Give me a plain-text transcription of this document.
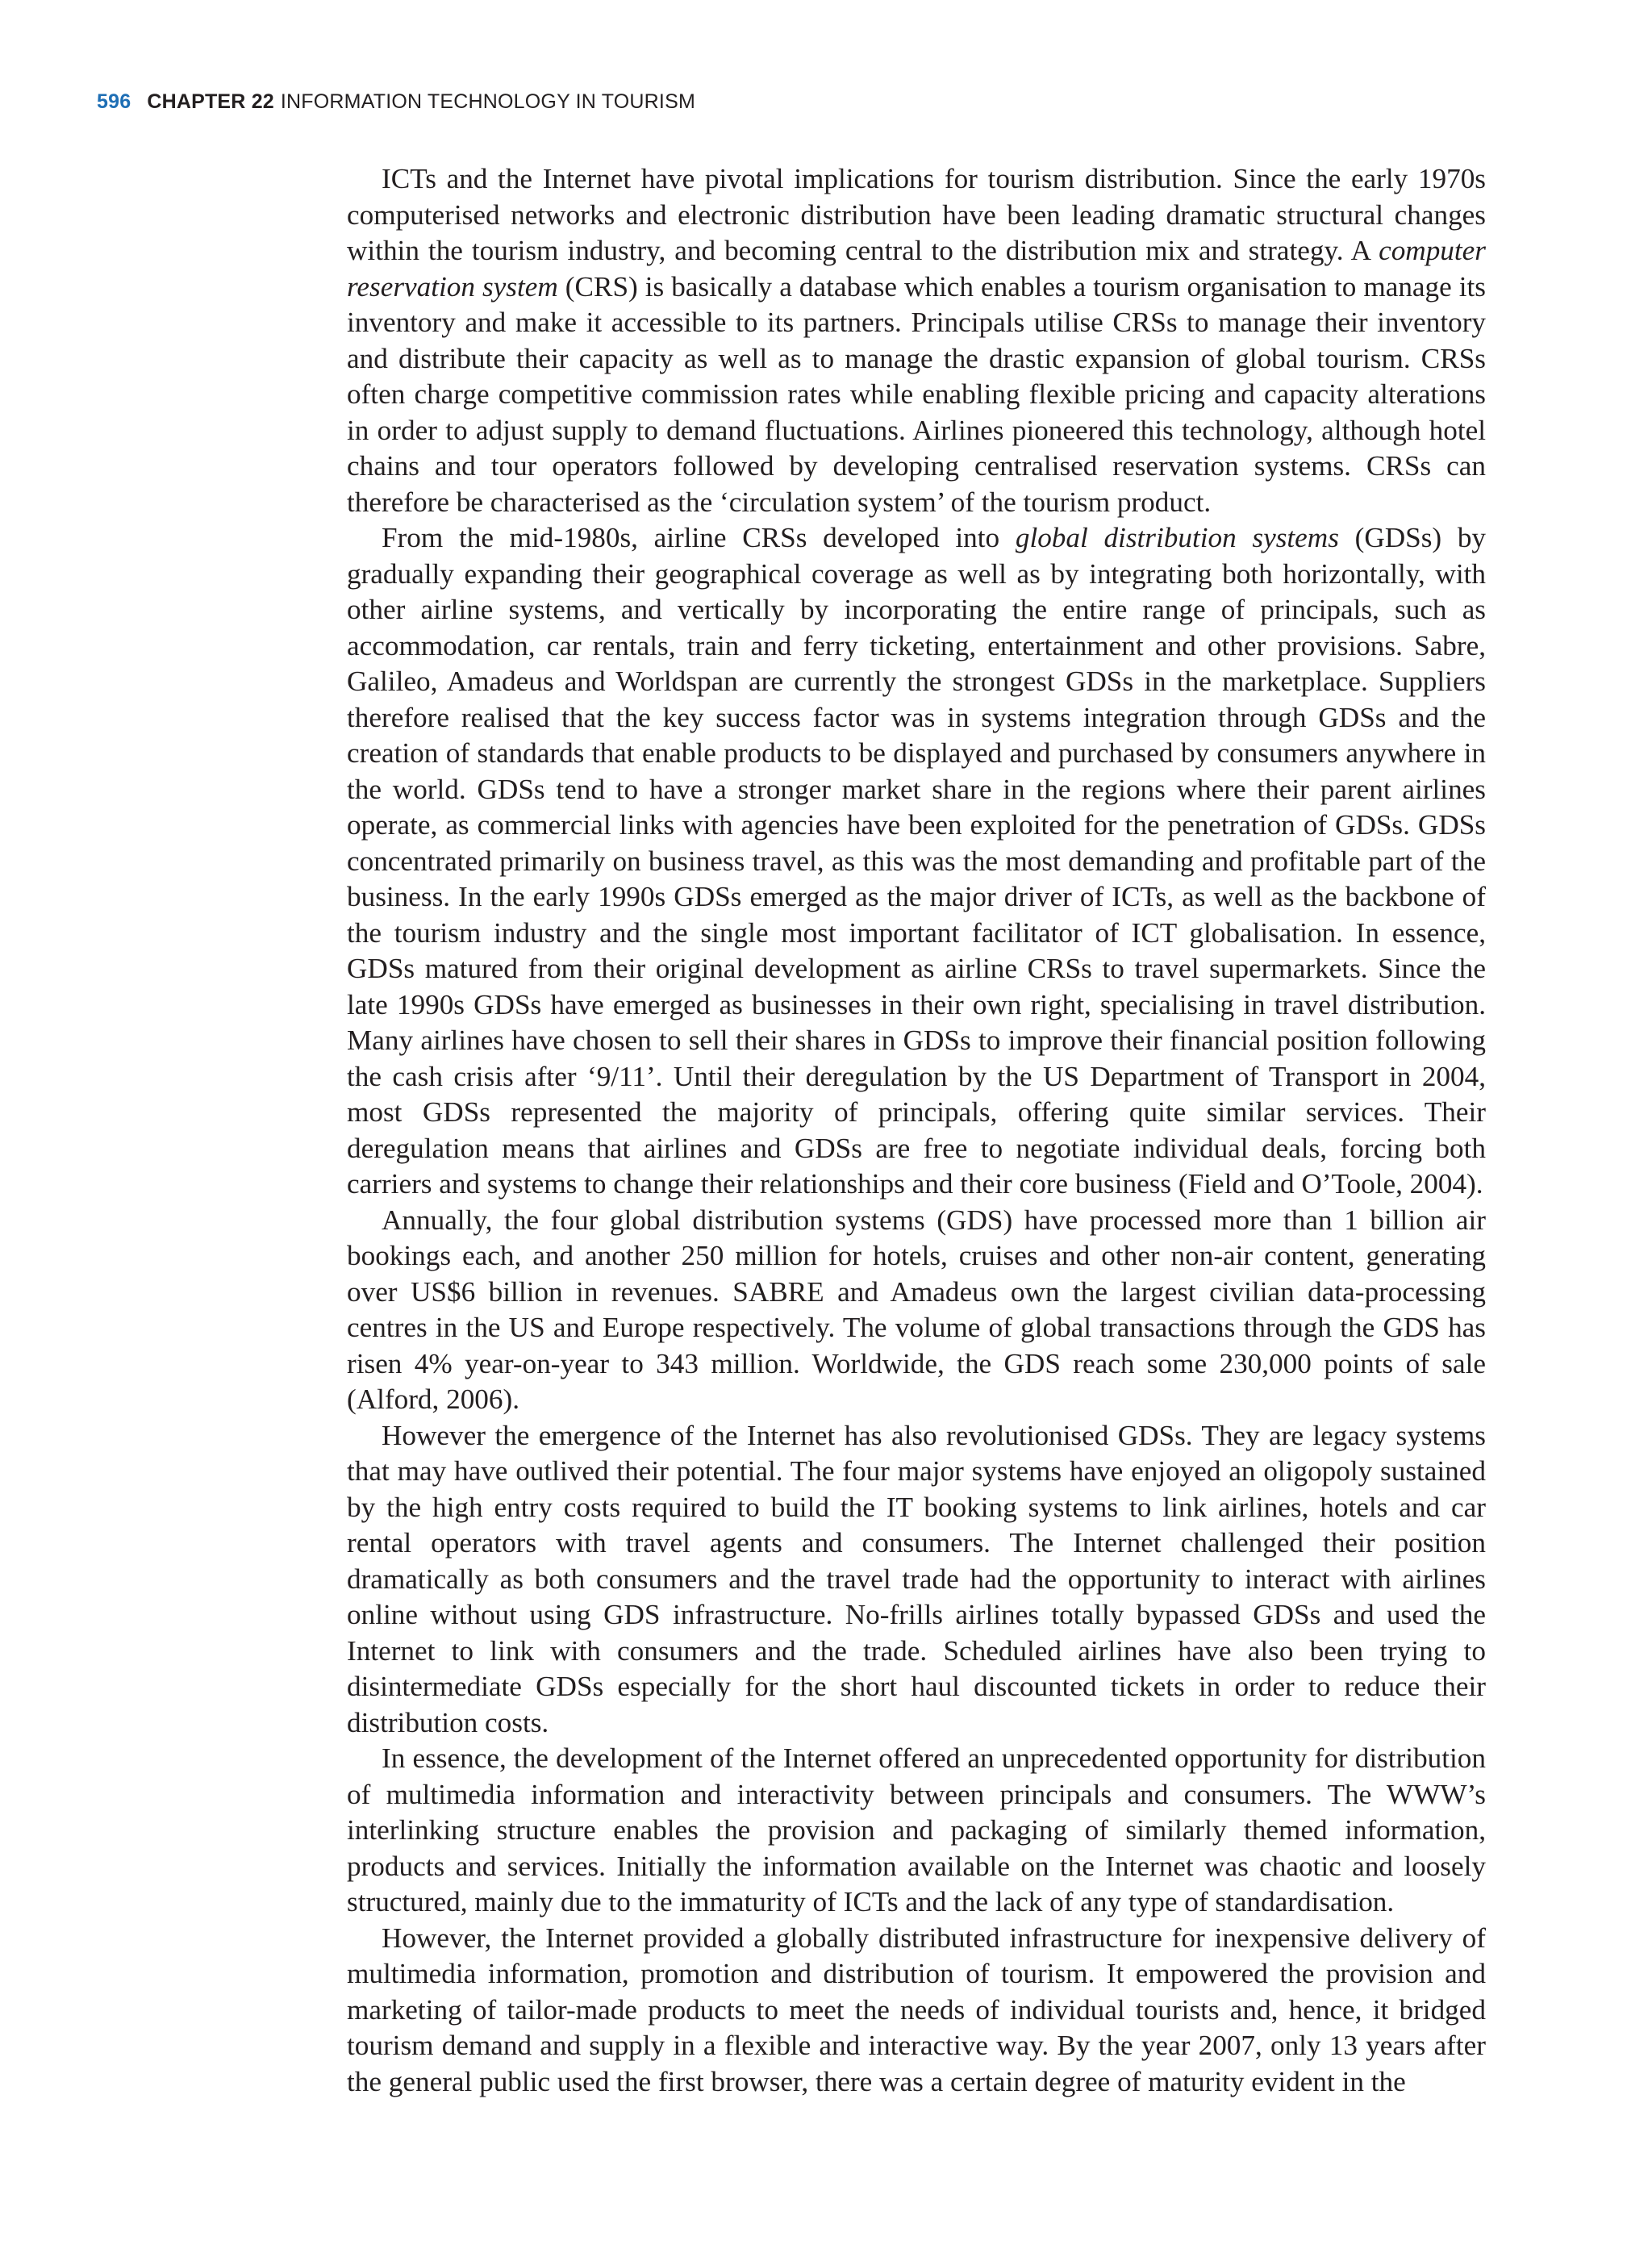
596 CHAPTER 22 INFORMATION TECHNOLOGY IN TOURISM

ICTs and the Internet have pivotal implications for tourism distribution. Since the early 1970s computerised networks and electronic distribution have been leading dramatic structural changes within the tourism industry, and becoming central to the distribution mix and strategy. A computer reservation system (CRS) is basically a database which enables a tourism organisation to manage its inventory and make it accessible to its partners. Principals utilise CRSs to manage their inventory and distribute their capacity as well as to manage the drastic expansion of global tourism. CRSs often charge competitive commission rates while enabling flexible pricing and capacity alterations in order to adjust supply to demand fluctuations. Airlines pioneered this technology, although hotel chains and tour operators followed by developing centralised reservation systems. CRSs can therefore be characterised as the ‘circulation system’ of the tourism product.

From the mid-1980s, airline CRSs developed into global distribution systems (GDSs) by gradually expanding their geographical coverage as well as by integrating both horizontally, with other airline systems, and vertically by incorporating the entire range of principals, such as accommodation, car rentals, train and ferry ticketing, entertainment and other provisions. Sabre, Galileo, Amadeus and Worldspan are currently the strongest GDSs in the marketplace. Suppliers therefore realised that the key success factor was in systems integration through GDSs and the creation of standards that enable products to be displayed and purchased by consumers anywhere in the world. GDSs tend to have a stronger market share in the regions where their parent airlines operate, as commercial links with agencies have been exploited for the penetration of GDSs. GDSs concentrated primarily on business travel, as this was the most demanding and profitable part of the business. In the early 1990s GDSs emerged as the major driver of ICTs, as well as the backbone of the tourism industry and the single most important facilitator of ICT globalisation. In essence, GDSs matured from their original development as airline CRSs to travel supermarkets. Since the late 1990s GDSs have emerged as businesses in their own right, specialising in travel distribution. Many airlines have chosen to sell their shares in GDSs to improve their financial position following the cash crisis after ‘9/11’. Until their deregulation by the US Department of Transport in 2004, most GDSs represented the majority of principals, offering quite similar services. Their deregulation means that airlines and GDSs are free to negotiate individual deals, forcing both carriers and systems to change their relationships and their core business (Field and O’Toole, 2004).

Annually, the four global distribution systems (GDS) have processed more than 1 billion air bookings each, and another 250 million for hotels, cruises and other non-air content, generating over US$6 billion in revenues. SABRE and Amadeus own the largest civilian data-processing centres in the US and Europe respectively. The volume of global transactions through the GDS has risen 4% year-on-year to 343 million. Worldwide, the GDS reach some 230,000 points of sale (Alford, 2006).

However the emergence of the Internet has also revolutionised GDSs. They are legacy systems that may have outlived their potential. The four major systems have enjoyed an oligopoly sustained by the high entry costs required to build the IT booking systems to link airlines, hotels and car rental operators with travel agents and consumers. The Internet challenged their position dramatically as both consumers and the travel trade had the opportunity to interact with airlines online without using GDS infrastructure. No-frills airlines totally bypassed GDSs and used the Internet to link with consumers and the trade. Scheduled airlines have also been trying to disintermediate GDSs especially for the short haul discounted tickets in order to reduce their distribution costs.

In essence, the development of the Internet offered an unprecedented opportunity for distribution of multimedia information and interactivity between principals and consumers. The WWW’s interlinking structure enables the provision and packaging of similarly themed information, products and services. Initially the information available on the Internet was chaotic and loosely structured, mainly due to the immaturity of ICTs and the lack of any type of standardisation.

However, the Internet provided a globally distributed infrastructure for inexpensive delivery of multimedia information, promotion and distribution of tourism. It empowered the provision and marketing of tailor-made products to meet the needs of individual tourists and, hence, it bridged tourism demand and supply in a flexible and interactive way. By the year 2007, only 13 years after the general public used the first browser, there was a certain degree of maturity evident in the
